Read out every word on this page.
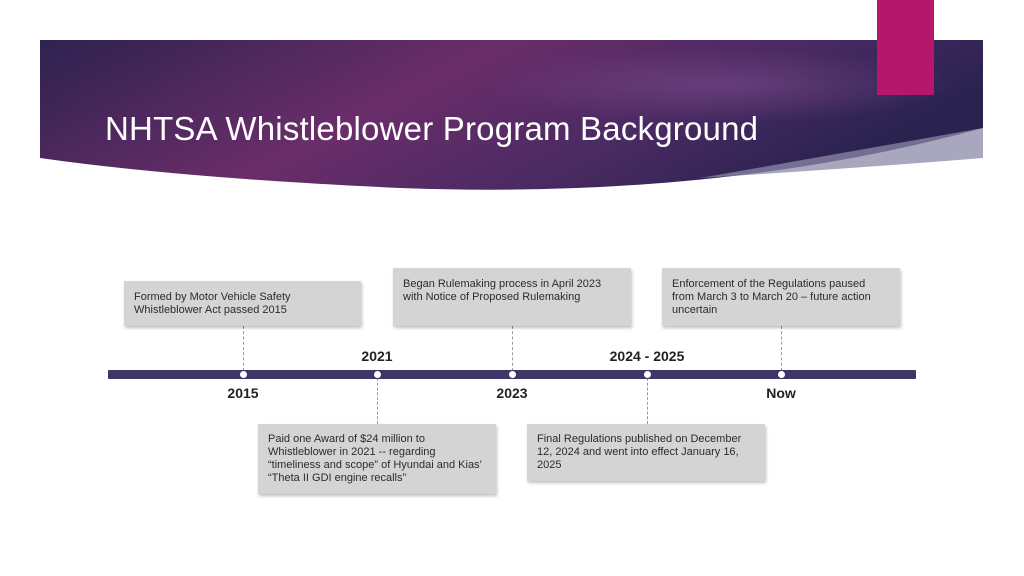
NHTSA Whistleblower Program Background
2021	2024 - 2025
2015	2023	Now
Formed by Motor Vehicle Safety Whistleblower Act passed 2015
Paid one Award of $24 million to Whistleblower in 2021 -- regarding “timeliness and scope” of Hyundai and Kias’ “Theta II GDI engine recalls”
Began Rulemaking process in April 2023 with Notice of Proposed Rulemaking
Final Regulations published on December 12, 2024 and went into effect January 16, 2025
Enforcement of the Regulations paused from March 3 to March 20 – future action uncertain
